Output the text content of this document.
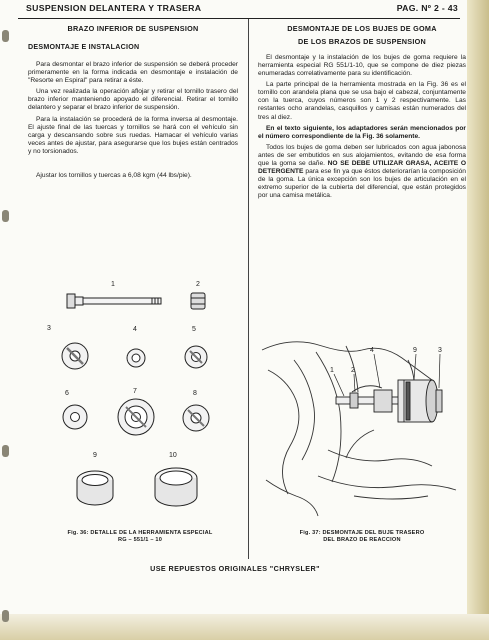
SUSPENSION DELANTERA Y TRASERA	PAG. Nº 2 - 43
BRAZO INFERIOR DE SUSPENSION
DESMONTAJE E INSTALACION

Para desmontar el brazo inferior de suspensión se deberá proceder primeramente en la forma indicada en desmontaje e instalación de "Resorte en Espiral" para retirar a éste.

Una vez realizada la operación aflojar y retirar el tornillo trasero del brazo inferior manteniendo apoyado el diferencial. Retirar el tornillo delantero y separar el brazo inferior de suspensión.

Para la instalación se procederá de la forma inversa al desmontaje. El ajuste final de las tuercas y tornillos se hará con el vehículo sin carga y descansando sobre sus ruedas. Hamacar el vehículo varias veces antes de ajustar, para asegurarse que los bujes están centrados y no torsionados.

Ajustar los tornillos y tuercas a 6,08 kgm (44 lbs/pie).

1	2
3	4	5
6	7	8
9	10
Fig. 36: DETALLE DE LA HERRAMIENTA ESPECIAL
RG – 551/1 – 10
DESMONTAJE DE LOS BUJES DE GOMA
DE LOS BRAZOS DE SUSPENSION

El desmontaje y la instalación de los bujes de goma requiere la herramienta especial RG 551/1-10, que se compone de diez piezas enumeradas correlativamente para su identificación.

La parte principal de la herramienta mostrada en la Fig. 36 es el tornillo con arandela plana que se usa bajo el cabezal, conjuntamente con la tuerca, cuyos números son 1 y 2 respectivamente. Las restantes ocho arandelas, casquillos y camisas están numerados del tres al diez.

En el texto siguiente, los adaptadores serán mencionados por el número correspondiente de la Fig. 36 solamente.

Todos los bujes de goma deben ser lubricados con agua jabonosa antes de ser embutidos en sus alojamientos, evitando de esa forma que la goma se dañe. NO SE DEBE UTILIZAR GRASA, ACEITE O DETERGENTE para ese fin ya que éstos deteriorarían la composición de la goma. La única excepción son los bujes de articulación en el extremo superior de la cubierta del diferencial, que están protegidos por una camisa metálica.

1 2
4	9	3
Fig. 37: DESMONTAJE DEL BUJE TRASERO
DEL BRAZO DE REACCION
USE REPUESTOS ORIGINALES "CHRYSLER"
